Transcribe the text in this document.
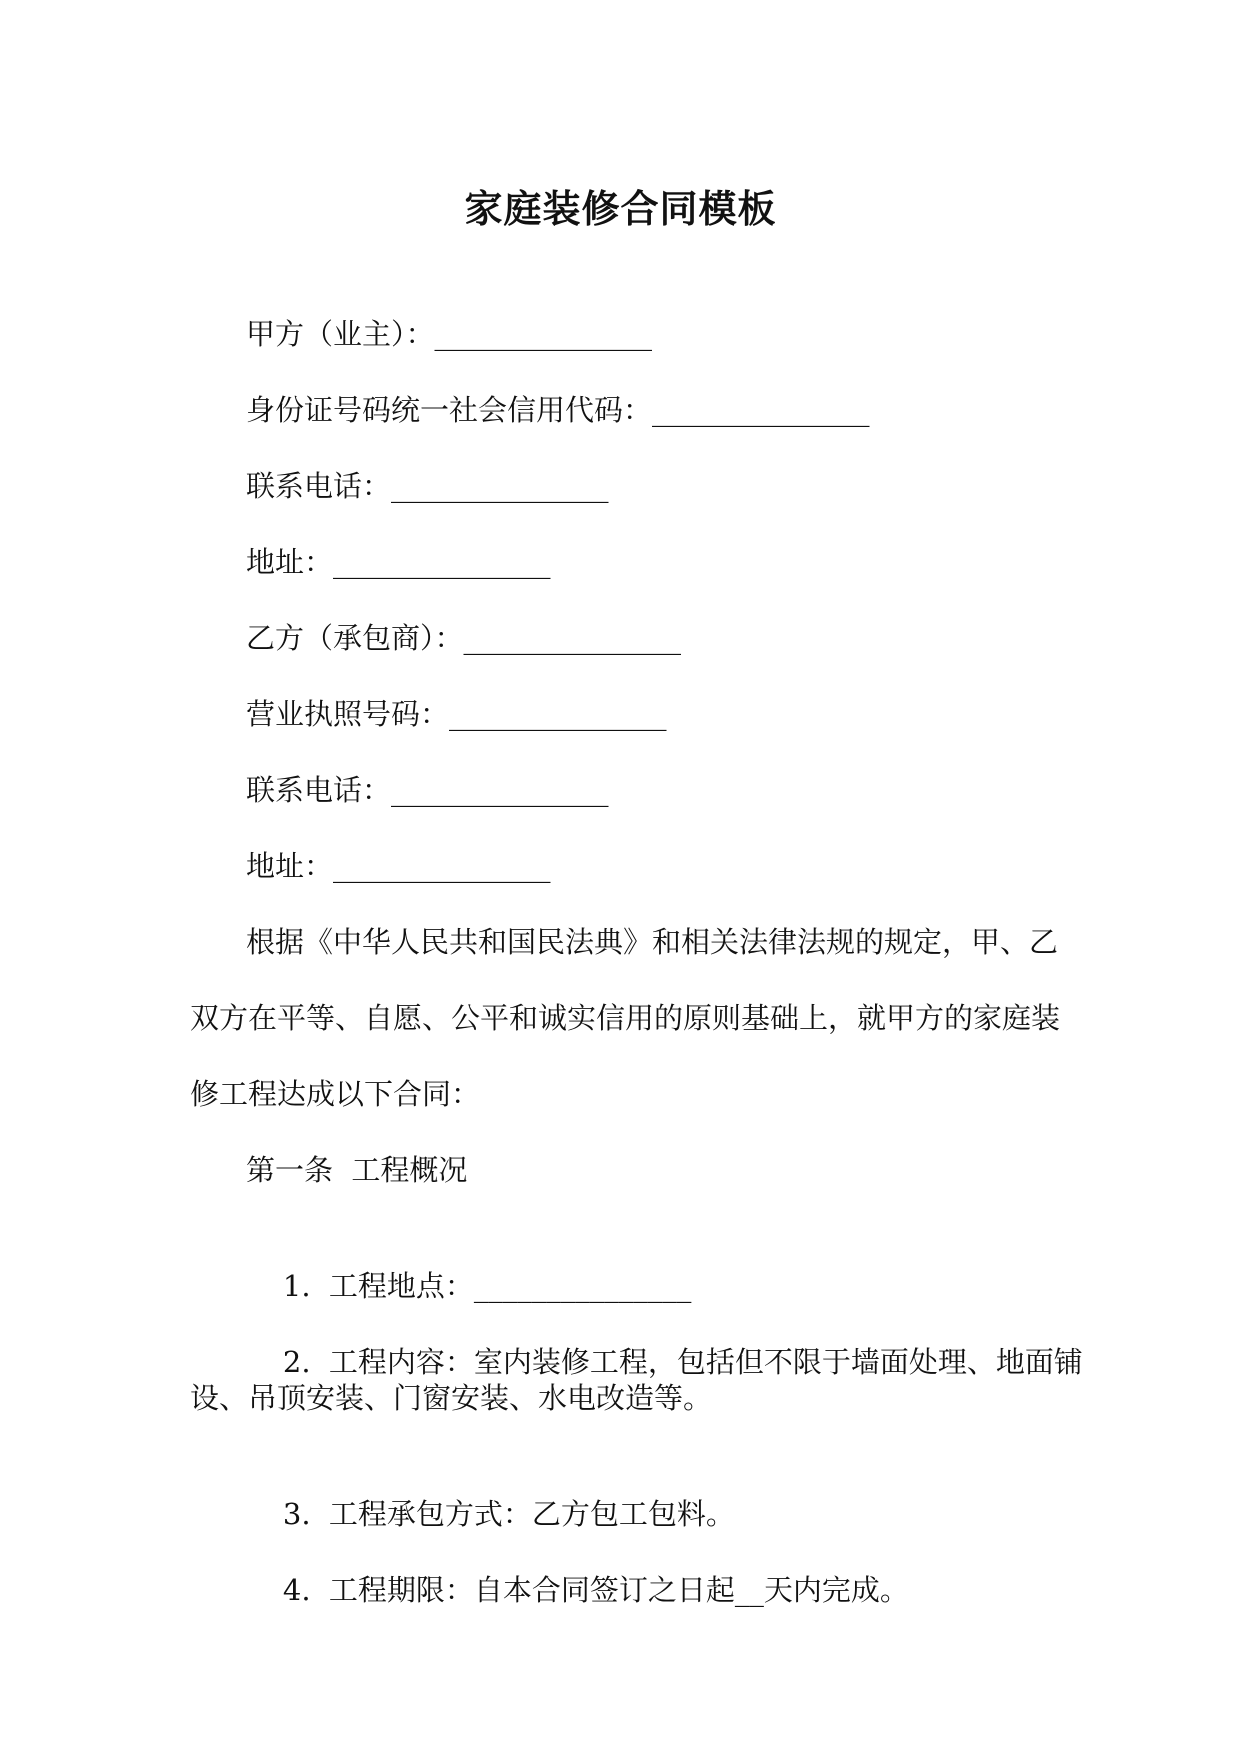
家庭装修合同模板
甲方（业主）：_______________
身份证号码统一社会信用代码：_______________
联系电话：_______________
地址：_______________
乙方（承包商）：_______________
营业执照号码：_______________
联系电话：_______________
地址：_______________
根据《中华人民共和国民法典》和相关法律法规的规定，甲、乙
双方在平等、自愿、公平和诚实信用的原则基础上，就甲方的家庭装
修工程达成以下合同：
第一条  工程概况

1. 工程地点：_______________

2. 工程内容：室内装修工程，包括但不限于墙面处理、地面铺

设、吊顶安装、门窗安装、水电改造等。

3. 工程承包方式：乙方包工包料。

4. 工程期限：自本合同签订之日起__天内完成。
